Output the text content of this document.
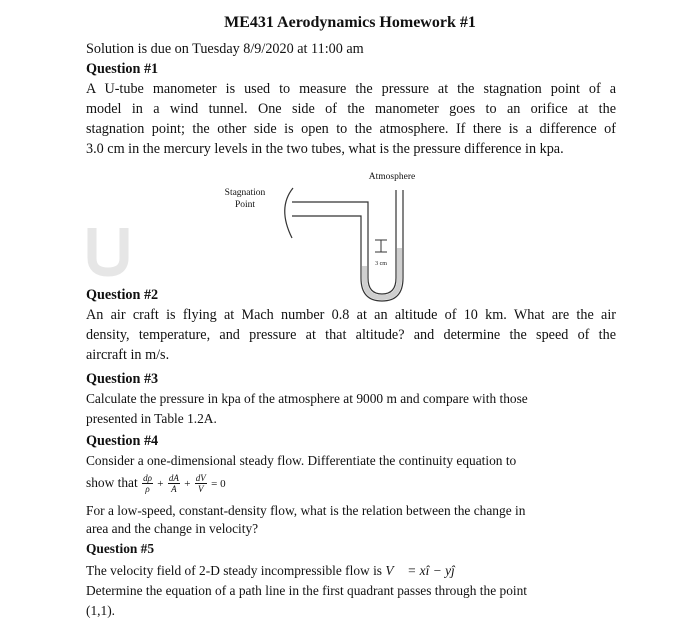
ME431 Aerodynamics Homework #1
Solution is due on Tuesday 8/9/2020 at 11:00 am
Question #1
A U-tube manometer is used to measure the pressure at the stagnation point of a
model in a wind tunnel. One side of the manometer goes to an orifice at the
stagnation point; the other side is open to the atmosphere. If there is a difference of
3.0 cm in the mercury levels in the two tubes, what is the pressure difference in kpa.
Atmosphere
Stagnation
Point
3 cm
Question #2
An air craft is flying at Mach number 0.8 at an altitude of 10 km. What are the air
density, temperature, and pressure at that altitude? and determine the speed of the
aircraft in m/s.
Question #3
Calculate the pressure in kpa of the atmosphere at 9000 m and compare with those
presented in Table 1.2A.
Question #4
Consider a one-dimensional steady flow. Differentiate the continuity equation to
show that $\frac{d\rho}{\rho} + \frac{dA}{A} + \frac{dV}{V} = 0$
For a low-speed, constant-density flow, what is the relation between the change in
area and the change in velocity?
Question #5
The velocity field of 2-D steady incompressible flow is V⃗ = xî − yĵ
Determine the equation of a path line in the first quadrant passes through the point
(1,1).
